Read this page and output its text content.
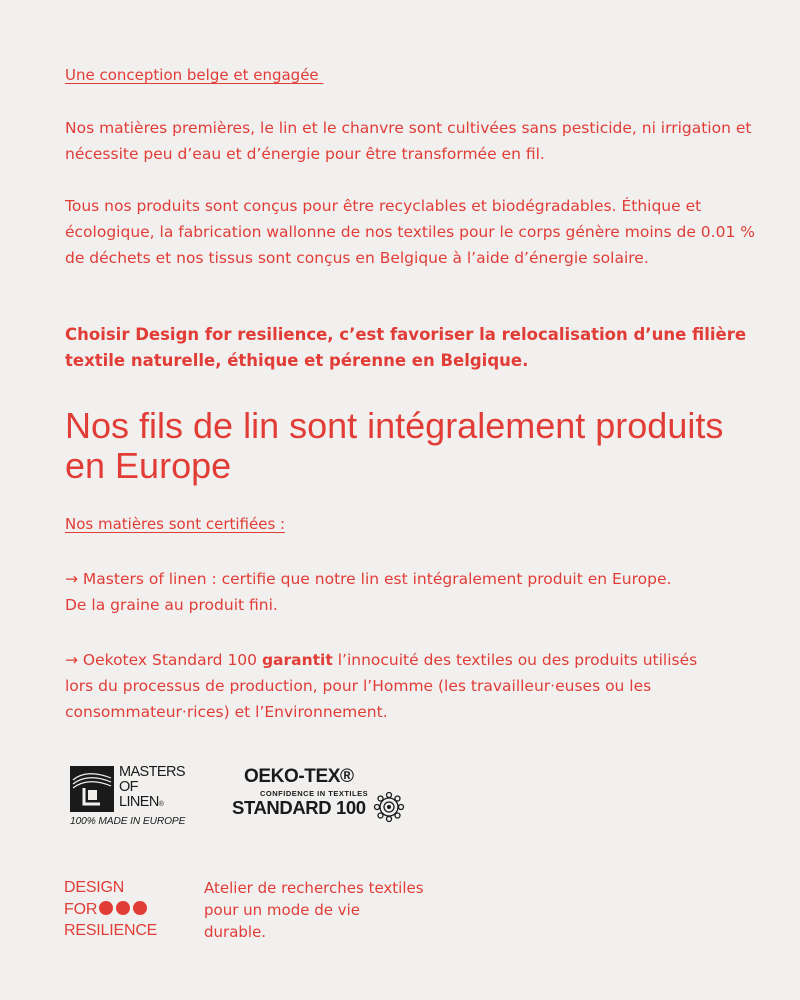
Une conception belge et engagée

Nos matières premières, le lin et le chanvre sont cultivées sans pesticide, ni irrigation et nécessite peu d’eau et d’énergie pour être transformée en fil.

Tous nos produits sont conçus pour être recyclables et biodégradables. Éthique et écologique, la fabrication wallonne de nos textiles pour le corps génère moins de 0.01 % de déchets et nos tissus sont conçus en Belgique à l’aide d’énergie solaire.

Choisir Design for resilience, c’est favoriser la relocalisation d’une filière textile naturelle, éthique et pérenne en Belgique.

Nos fils de lin sont intégralement produits en Europe
Nos matières sont certifiées :

→ Masters of linen : certifie que notre lin est intégralement produit en Europe. De la graine au produit fini.

→ Oekotex Standard 100 garantit l’innocuité des textiles ou des produits utilisés lors du processus de production, pour l’Homme (les travailleur·euses ou les consommateur·rices) et l’Environnement.

MASTERS
OF
LINEN®
100% MADE IN EUROPE
OEKO-TEX®
CONFIDENCE IN TEXTILES
STANDARD 100
DESIGN
FOR
RESILIENCE
Atelier de recherches textiles pour un mode de vie durable.
